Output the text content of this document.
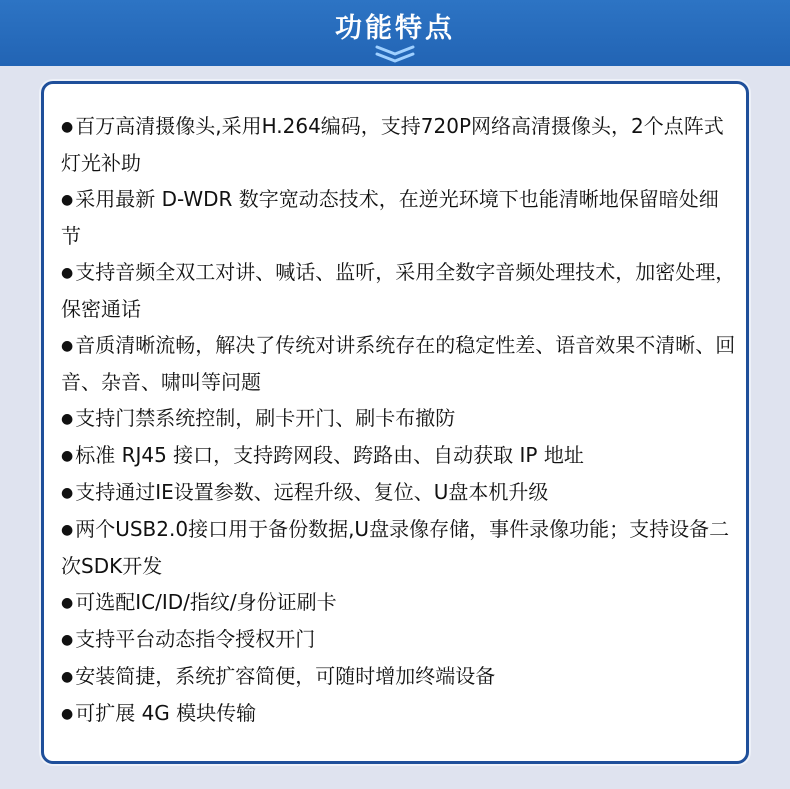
功能特点
● 百万高清摄像头,采用H.264编码，支持720P网络高清摄像头，2个点阵式灯光补助
● 采用最新 D-WDR 数字宽动态技术，在逆光环境下也能清晰地保留暗处细节
● 支持音频全双工对讲、喊话、监听，采用全数字音频处理技术，加密处理，保密通话
● 音质清晰流畅，解决了传统对讲系统存在的稳定性差、语音效果不清晰、回音、杂音、啸叫等问题
● 支持门禁系统控制，刷卡开门、刷卡布撤防
● 标准 RJ45 接口，支持跨网段、跨路由、自动获取 IP 地址
● 支持通过IE设置参数、远程升级、复位、U盘本机升级
● 两个USB2.0接口用于备份数据,U盘录像存储，事件录像功能；支持设备二次SDK开发
● 可选配IC/ID/指纹/身份证刷卡
● 支持平台动态指令授权开门
● 安装简捷，系统扩容简便，可随时增加终端设备
● 可扩展 4G 模块传输
